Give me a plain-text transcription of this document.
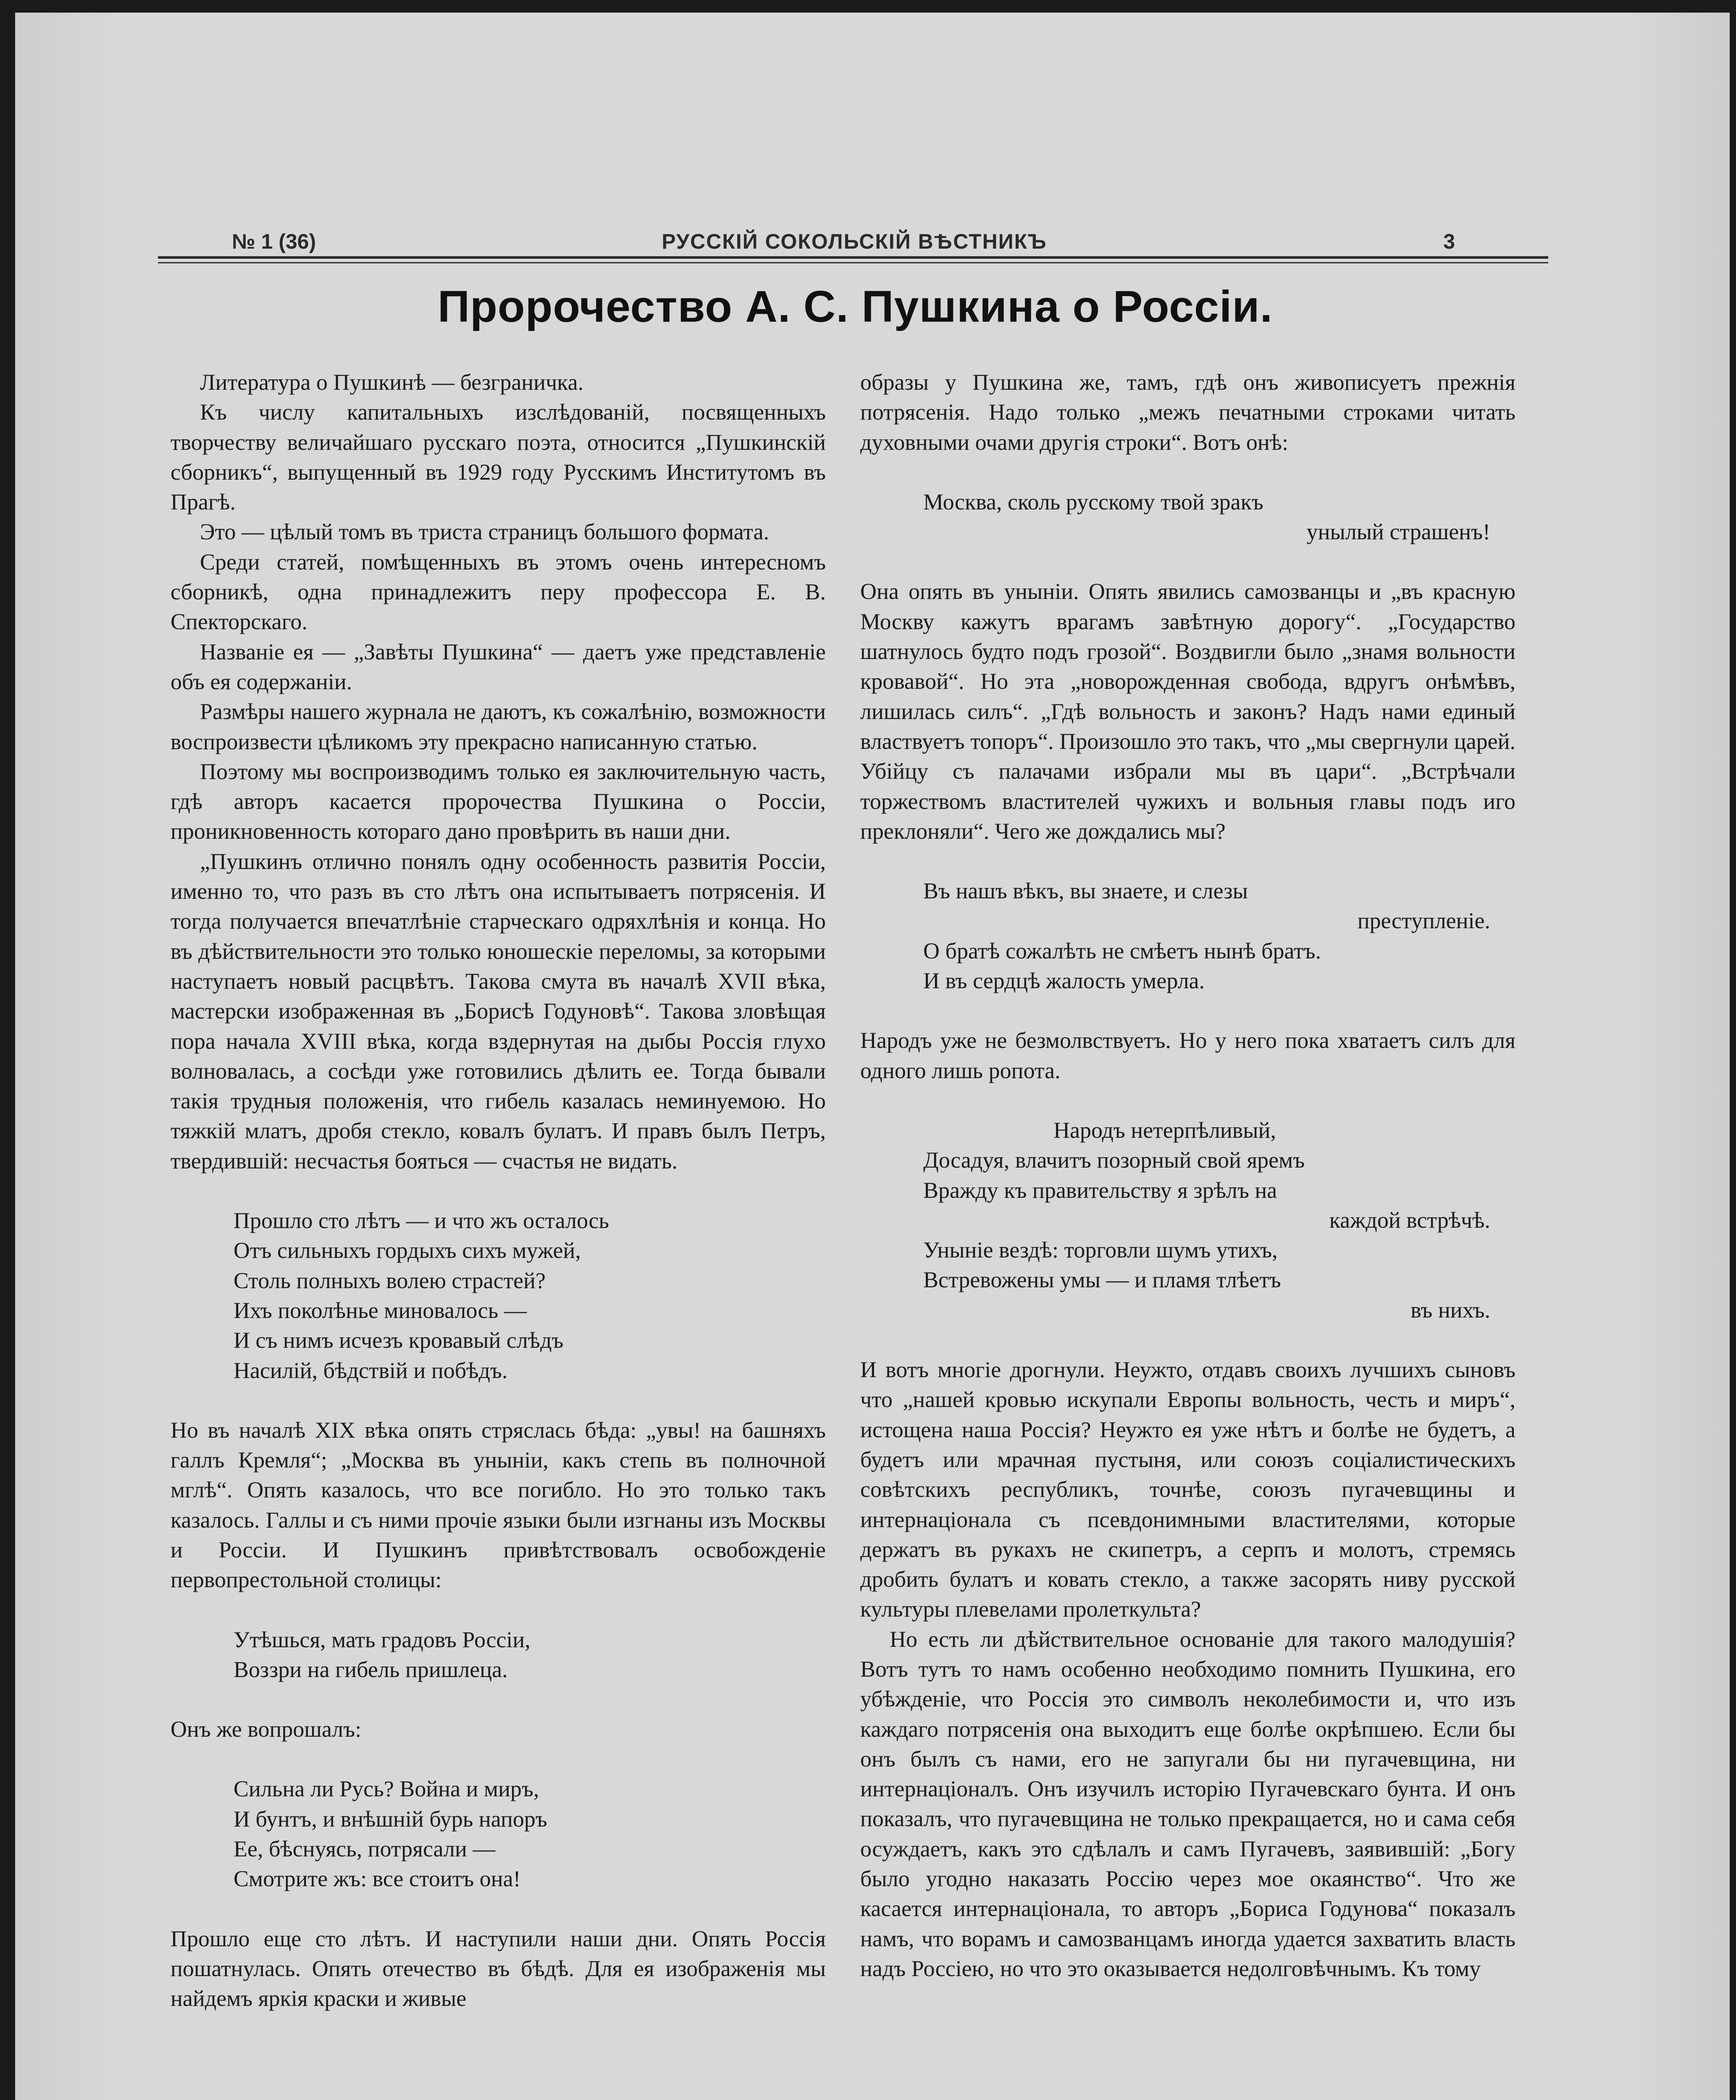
№ 1 (36)	РУССКІЙ СОКОЛЬСКІЙ ВѢСТНИКЪ	3
Пророчество А. С. Пушкина о Россіи.

Литература о Пушкинѣ — безграничка.

Къ числу капитальныхъ изслѣдованій, посвященныхъ творчеству величайшаго русскаго поэта, относится „Пушкинскій сборникъ“, выпущенный въ 1929 году Русскимъ Институтомъ въ Прагѣ.

Это — цѣлый томъ въ триста страницъ большого формата.

Среди статей, помѣщенныхъ въ этомъ очень интересномъ сборникѣ, одна принадлежитъ перу профессора Е. В. Спекторскаго.

Названіе ея — „Завѣты Пушкина“ — даетъ уже представленіе объ ея содержаніи.

Размѣры нашего журнала не даютъ, къ сожалѣнію, возможности воспроизвести цѣликомъ эту прекрасно написанную статью.

Поэтому мы воспроизводимъ только ея заключительную часть, гдѣ авторъ касается пророчества Пушкина о Россіи, проникновенность котораго дано провѣрить въ наши дни.

„Пушкинъ отлично понялъ одну особенность развитія Россіи, именно то, что разъ въ сто лѣтъ она испытываетъ потрясенія. И тогда получается впечатлѣніе старческаго одряхлѣнія и конца. Но въ дѣйствительности это только юношескіе переломы, за которыми наступаетъ новый расцвѣтъ. Такова смута въ началѣ XVII вѣка, мастерски изображенная въ „Борисѣ Годуновѣ“. Такова зловѣщая пора начала XVIII вѣка, когда вздернутая на дыбы Россія глухо волновалась, а сосѣди уже готовились дѣлить ее. Тогда бывали такія трудныя положенія, что гибель казалась неминуемою. Но тяжкій млатъ, дробя стекло, ковалъ булатъ. И правъ былъ Петръ, твердившій: несчастья бояться — счастья не видать.

Прошло сто лѣтъ — и что жъ осталось
Отъ сильныхъ гордыхъ сихъ мужей,
Столь полныхъ волею страстей?
Ихъ поколѣнье миновалось —
И съ нимъ исчезъ кровавый слѣдъ
Насилій, бѣдствій и побѣдъ.

Но въ началѣ XIX вѣка опять стряслась бѣда: „увы! на башняхъ галлъ Кремля“; „Москва въ уныніи, какъ степь въ полночной мглѣ“. Опять казалось, что все погибло. Но это только такъ казалось. Галлы и съ ними прочіе языки были изгнаны изъ Москвы и Россіи. И Пушкинъ привѣтствовалъ освобожденіе первопрестольной столицы:

Утѣшься, мать градовъ Россіи,
Воззри на гибель пришлеца.

Онъ же вопрошалъ:

Сильна ли Русь? Война и миръ,
И бунтъ, и внѣшній бурь напоръ
Ее, бѣснуясь, потрясали —
Смотрите жъ: все стоитъ она!

Прошло еще сто лѣтъ. И наступили наши дни. Опять Россія пошатнулась. Опять отечество въ бѣдѣ. Для ея изображенія мы найдемъ яркія краски и живые

образы у Пушкина же, тамъ, гдѣ онъ живописуетъ прежнія потрясенія. Надо только „межъ печатными строками читать духовными очами другія строки“. Вотъ онѣ:

Москва, сколь русскому твой зракъ
унылый страшенъ!

Она опять въ уныніи. Опять явились самозванцы и „въ красную Москву кажутъ врагамъ завѣтную дорогу“. „Государство шатнулось будто подъ грозой“. Воздвигли было „знамя вольности кровавой“. Но эта „новорожденная свобода, вдругъ онѣмѣвъ, лишилась силъ“. „Гдѣ вольность и законъ? Надъ нами единый властвуетъ топоръ“. Произошло это такъ, что „мы свергнули царей. Убійцу съ палачами избрали мы въ цари“. „Встрѣчали торжествомъ властителей чужихъ и вольныя главы подъ иго преклоняли“. Чего же дождались мы?

Въ нашъ вѣкъ, вы знаете, и слезы
преступленіе.
О братѣ сожалѣть не смѣетъ нынѣ братъ.
И въ сердцѣ жалость умерла.

Народъ уже не безмолвствуетъ. Но у него пока хватаетъ силъ для одного лишь ропота.

Народъ нетерпѣливый,
Досадуя, влачитъ позорный свой яремъ
Вражду къ правительству я зрѣлъ на
каждой встрѣчѣ.
Уныніе вездѣ: торговли шумъ утихъ,
Встревожены умы — и пламя тлѣетъ
въ нихъ.

И вотъ многіе дрогнули. Неужто, отдавъ своихъ лучшихъ сыновъ что „нашей кровью искупали Европы вольность, честь и миръ“, истощена наша Россія? Неужто ея уже нѣтъ и болѣе не будетъ, а будетъ или мрачная пустыня, или союзъ соціалистическихъ совѣтскихъ республикъ, точнѣе, союзъ пугачевщины и интернаціонала съ псевдонимными властителями, которые держатъ въ рукахъ не скипетръ, а серпъ и молотъ, стремясь дробить булатъ и ковать стекло, а также засорять ниву русской культуры плевелами пролеткульта?

Но есть ли дѣйствительное основаніе для такого малодушія? Вотъ тутъ то намъ особенно необходимо помнить Пушкина, его убѣжденіе, что Россія это символъ неколебимости и, что изъ каждаго потрясенія она выходитъ еще болѣе окрѣпшею. Если бы онъ былъ съ нами, его не запугали бы ни пугачевщина, ни интернаціоналъ. Онъ изучилъ исторію Пугачевскаго бунта. И онъ показалъ, что пугачевщина не только прекращается, но и сама себя осуждаетъ, какъ это сдѣлалъ и самъ Пугачевъ, заявившій: „Богу было угодно наказать Россію через мое окаянство“. Что же касается интернаціонала, то авторъ „Бориса Годунова“ показалъ намъ, что ворамъ и самозванцамъ иногда удается захватить власть надъ Россіею, но что это оказывается недолговѣчнымъ. Къ тому
